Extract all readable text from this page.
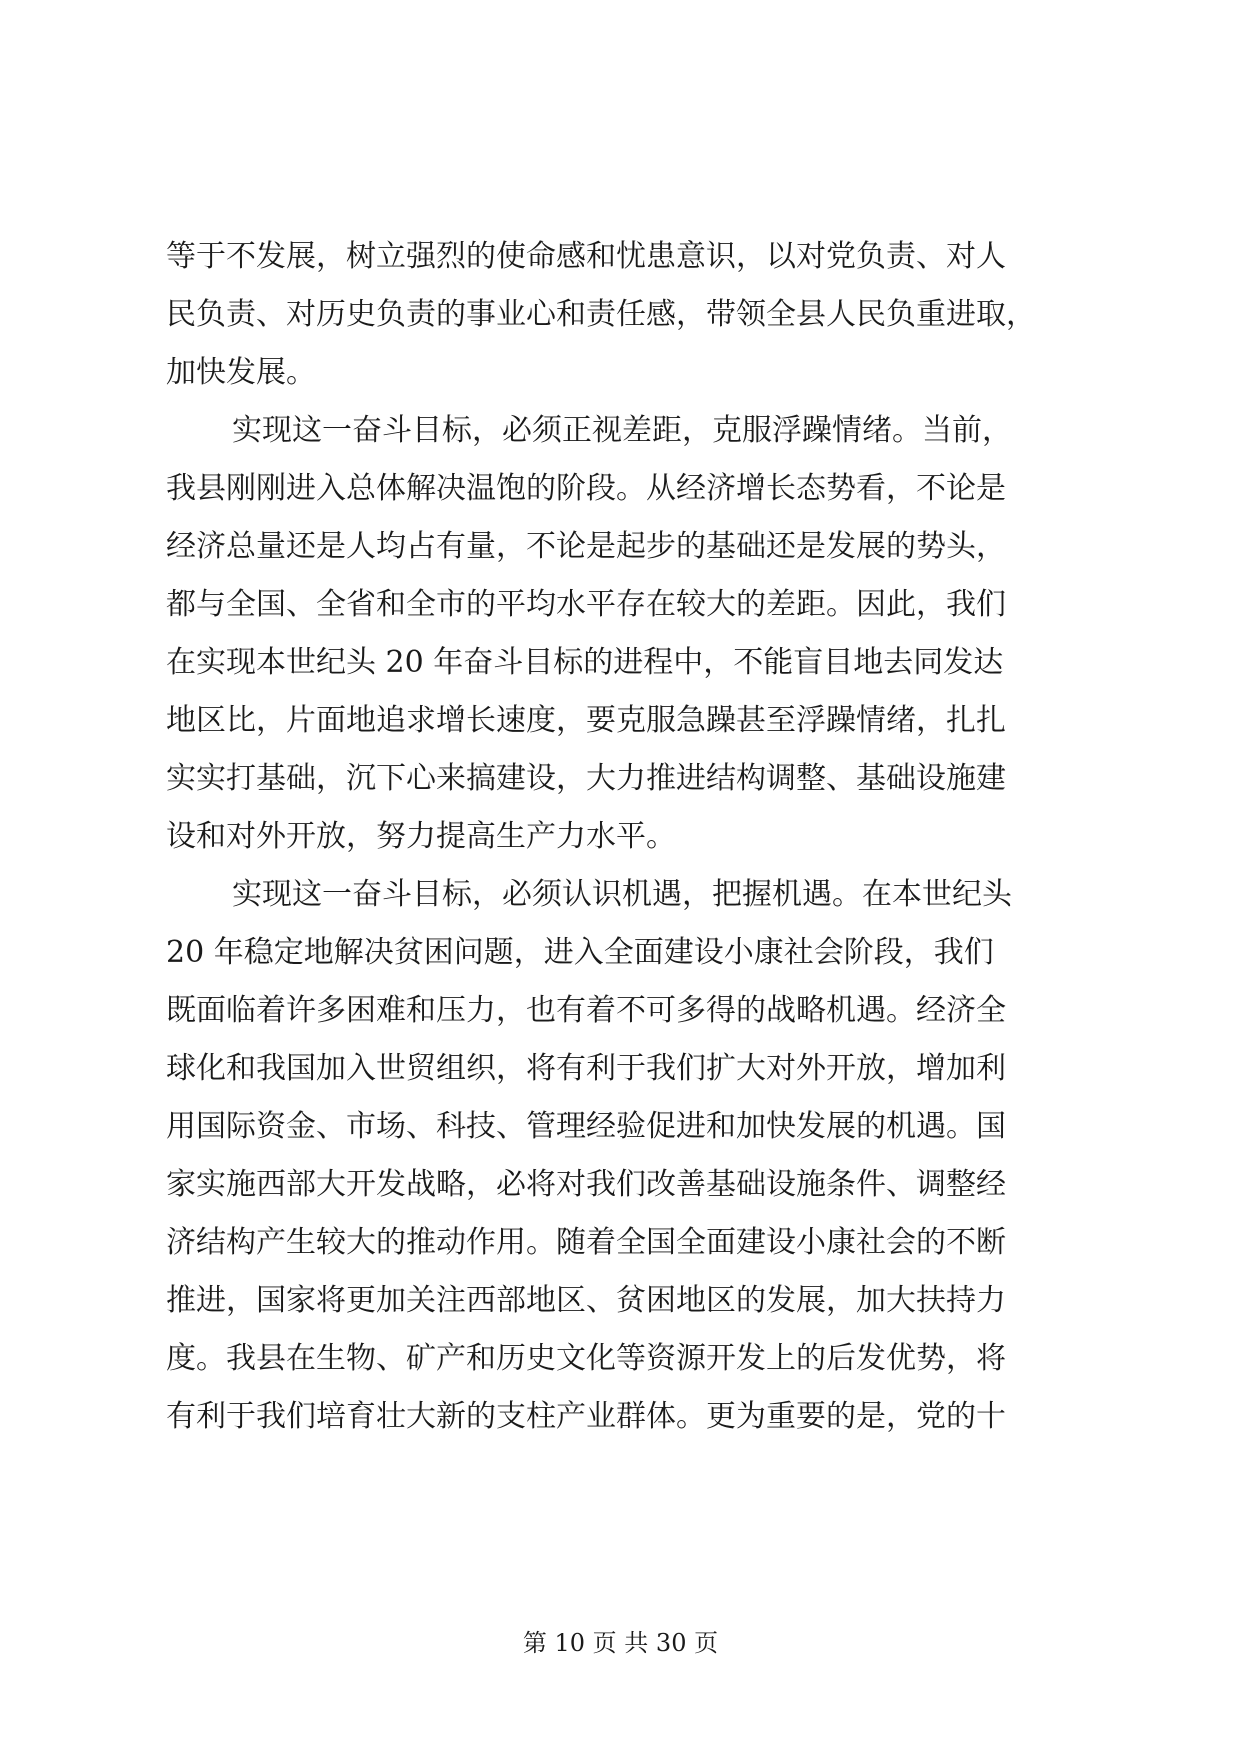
等于不发展，树立强烈的使命感和忧患意识，以对党负责、对人
民负责、对历史负责的事业心和责任感，带领全县人民负重进取，
加快发展。
实现这一奋斗目标，必须正视差距，克服浮躁情绪。当前，
我县刚刚进入总体解决温饱的阶段。从经济增长态势看，不论是
经济总量还是人均占有量，不论是起步的基础还是发展的势头，
都与全国、全省和全市的平均水平存在较大的差距。因此，我们
在实现本世纪头 20 年奋斗目标的进程中，不能盲目地去同发达
地区比，片面地追求增长速度，要克服急躁甚至浮躁情绪，扎扎
实实打基础，沉下心来搞建设，大力推进结构调整、基础设施建
设和对外开放，努力提高生产力水平。
实现这一奋斗目标，必须认识机遇，把握机遇。在本世纪头
20 年稳定地解决贫困问题，进入全面建设小康社会阶段，我们
既面临着许多困难和压力，也有着不可多得的战略机遇。经济全
球化和我国加入世贸组织，将有利于我们扩大对外开放，增加利
用国际资金、市场、科技、管理经验促进和加快发展的机遇。国
家实施西部大开发战略，必将对我们改善基础设施条件、调整经
济结构产生较大的推动作用。随着全国全面建设小康社会的不断
推进，国家将更加关注西部地区、贫困地区的发展，加大扶持力
度。我县在生物、矿产和历史文化等资源开发上的后发优势，将
有利于我们培育壮大新的支柱产业群体。更为重要的是，党的十
第 10 页 共 30 页
